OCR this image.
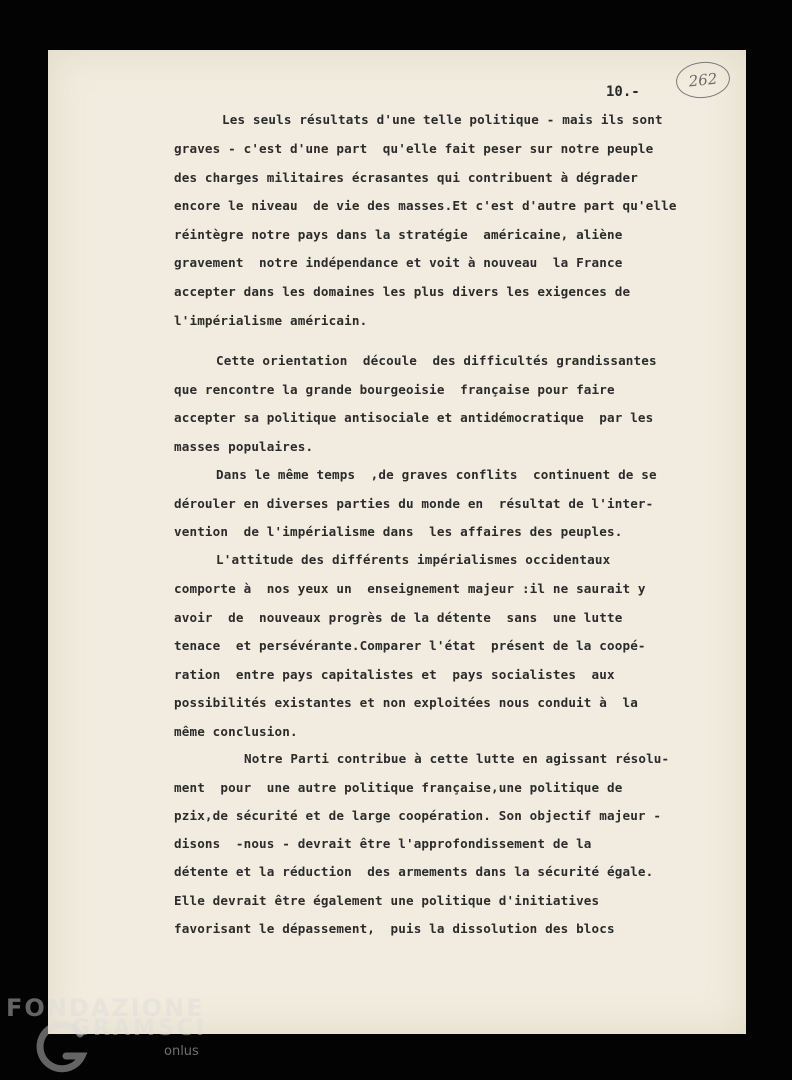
10.-
262
Les seuls résultats d'une telle politique - mais ils sont
graves - c'est d'une part  qu'elle fait peser sur notre peuple
des charges militaires écrasantes qui contribuent à dégrader
encore le niveau  de vie des masses.Et c'est d'autre part qu'elle
réintègre notre pays dans la stratégie  américaine, aliène
gravement  notre indépendance et voit à nouveau  la France
accepter dans les domaines les plus divers les exigences de
l'impérialisme américain.
Cette orientation  découle  des difficultés grandissantes
que rencontre la grande bourgeoisie  française pour faire
accepter sa politique antisociale et antidémocratique  par les
masses populaires.
Dans le même temps  ,de graves conflits  continuent de se
dérouler en diverses parties du monde en  résultat de l'inter-
vention  de l'impérialisme dans  les affaires des peuples.
L'attitude des différents impérialismes occidentaux
comporte à  nos yeux un  enseignement majeur :il ne saurait y
avoir  de  nouveaux progrès de la détente  sans  une lutte
tenace  et persévérante.Comparer l'état  présent de la coopé-
ration  entre pays capitalistes et  pays socialistes  aux
possibilités existantes et non exploitées nous conduit à  la
même conclusion.
Notre Parti contribue à cette lutte en agissant résolu-
ment  pour  une autre politique française,une politique de
pzix,de sécurité et de large coopération. Son objectif majeur -
disons  -nous - devrait être l'approfondissement de la
détente et la réduction  des armements dans la sécurité égale.
Elle devrait être également une politique d'initiatives
favorisant le dépassement,  puis la dissolution des blocs
FONDAZIONE
GRAMSCI
onlus
